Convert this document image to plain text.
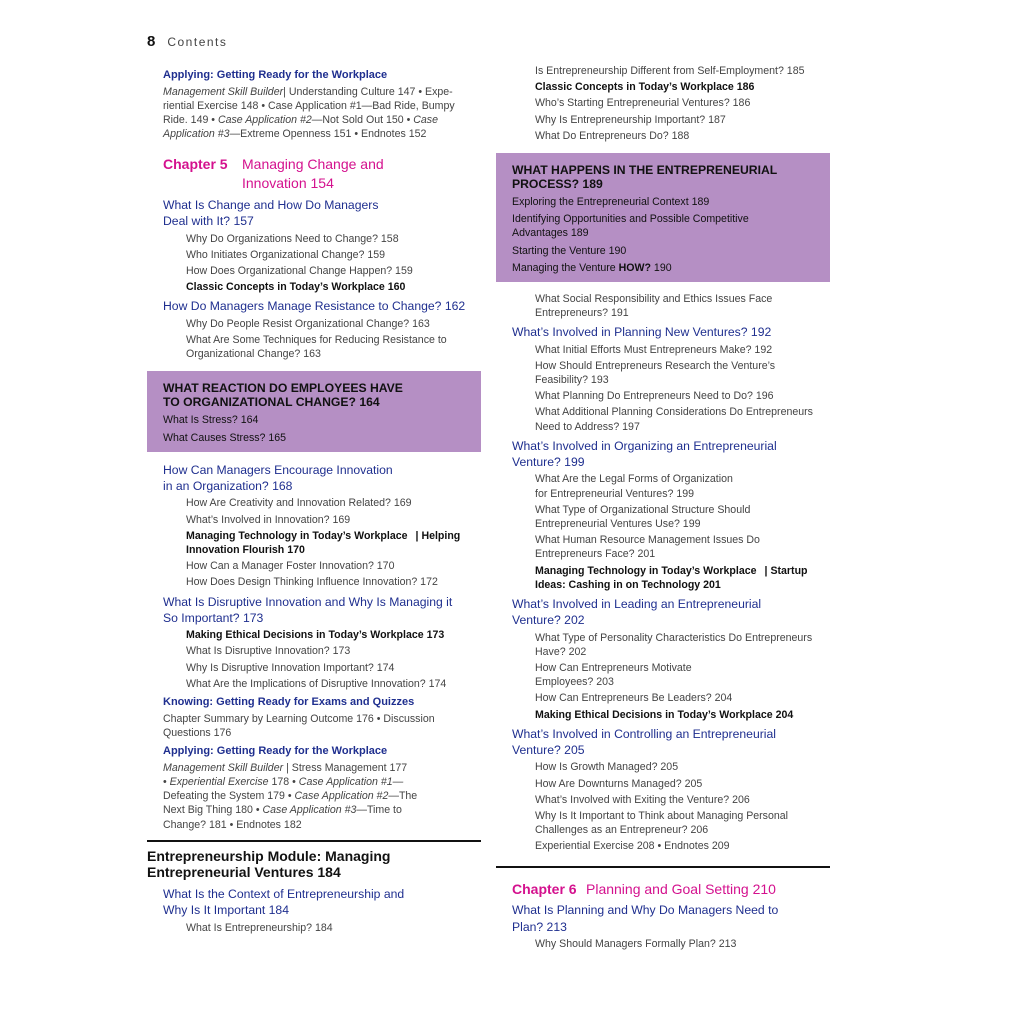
8 Contents
Applying: Getting Ready for the Workplace
Management Skill Builder| Understanding Culture 147 • Expe-
riential Exercise 148 • Case Application #1—Bad Ride, Bumpy
Ride. 149 • Case Application #2—Not Sold Out 150 • Case
Application #3—Extreme Openness 151 • Endnotes 152
Chapter 5	Managing Change and
Innovation 154
What Is Change and How Do Managers
Deal with It? 157
Why Do Organizations Need to Change? 158
Who Initiates Organizational Change? 159
How Does Organizational Change Happen? 159
Classic Concepts in Today’s Workplace 160
How Do Managers Manage Resistance to Change? 162
Why Do People Resist Organizational Change? 163
What Are Some Techniques for Reducing Resistance to
Organizational Change? 163
WHAT REACTION DO EMPLOYEES HAVE
TO ORGANIZATIONAL CHANGE? 164
What Is Stress? 164
What Causes Stress? 165
How Can Managers Encourage Innovation
in an Organization? 168
How Are Creativity and Innovation Related? 169
What’s Involved in Innovation? 169
Managing Technology in Today’s Workplace | Helping
Innovation Flourish 170
How Can a Manager Foster Innovation? 170
How Does Design Thinking Influence Innovation? 172
What Is Disruptive Innovation and Why Is Managing it
So Important? 173
Making Ethical Decisions in Today’s Workplace 173
What Is Disruptive Innovation? 173
Why Is Disruptive Innovation Important? 174
What Are the Implications of Disruptive Innovation? 174
Knowing: Getting Ready for Exams and Quizzes
Chapter Summary by Learning Outcome 176 • Discussion
Questions 176
Applying: Getting Ready for the Workplace
Management Skill Builder | Stress Management 177
• Experiential Exercise 178 • Case Application #1—
Defeating the System 179 • Case Application #2—The
Next Big Thing 180 • Case Application #3—Time to
Change? 181 • Endnotes 182
Entrepreneurship Module: Managing
Entrepreneurial Ventures 184
What Is the Context of Entrepreneurship and
Why Is It Important 184
What Is Entrepreneurship? 184
Is Entrepreneurship Different from Self-Employment? 185
Classic Concepts in Today’s Workplace 186
Who’s Starting Entrepreneurial Ventures? 186
Why Is Entrepreneurship Important? 187
What Do Entrepreneurs Do? 188
WHAT HAPPENS IN THE ENTREPRENEURIAL
PROCESS? 189
Exploring the Entrepreneurial Context 189
Identifying Opportunities and Possible Competitive
Advantages 189
Starting the Venture 190
Managing the Venture HOW? 190
What Social Responsibility and Ethics Issues Face
Entrepreneurs? 191
What’s Involved in Planning New Ventures? 192
What Initial Efforts Must Entrepreneurs Make? 192
How Should Entrepreneurs Research the Venture’s
Feasibility? 193
What Planning Do Entrepreneurs Need to Do? 196
What Additional Planning Considerations Do Entrepreneurs
Need to Address? 197
What’s Involved in Organizing an Entrepreneurial
Venture? 199
What Are the Legal Forms of Organization
for Entrepreneurial Ventures? 199
What Type of Organizational Structure Should
Entrepreneurial Ventures Use? 199
What Human Resource Management Issues Do
Entrepreneurs Face? 201
Managing Technology in Today’s Workplace | Startup
Ideas: Cashing in on Technology 201
What’s Involved in Leading an Entrepreneurial
Venture? 202
What Type of Personality Characteristics Do Entrepreneurs
Have? 202
How Can Entrepreneurs Motivate
Employees? 203
How Can Entrepreneurs Be Leaders? 204
Making Ethical Decisions in Today’s Workplace 204
What’s Involved in Controlling an Entrepreneurial
Venture? 205
How Is Growth Managed? 205
How Are Downturns Managed? 205
What’s Involved with Exiting the Venture? 206
Why Is It Important to Think about Managing Personal
Challenges as an Entrepreneur? 206
Experiential Exercise 208 • Endnotes 209
Chapter 6 Planning and Goal Setting 210
What Is Planning and Why Do Managers Need to
Plan? 213
Why Should Managers Formally Plan? 213
